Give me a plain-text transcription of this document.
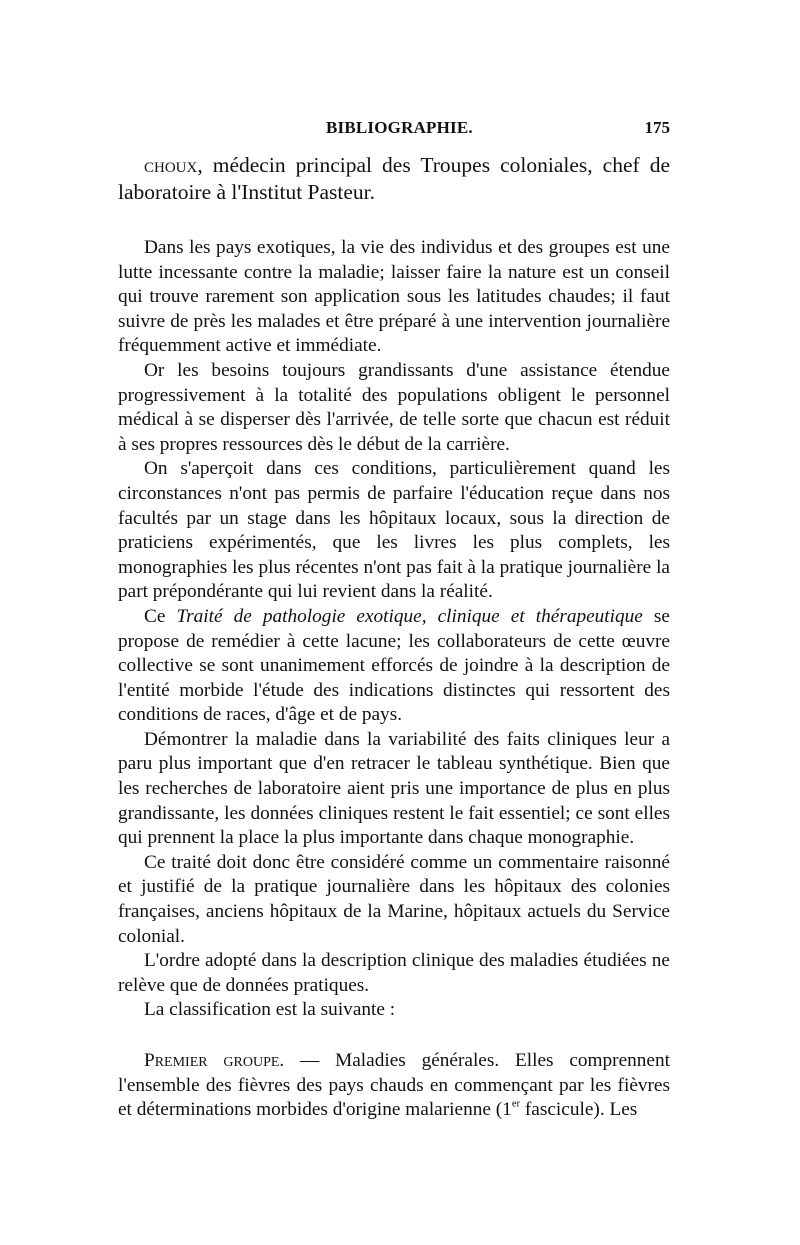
BIBLIOGRAPHIE.	175

choux, médecin principal des Troupes coloniales, chef de laboratoire à l'Institut Pasteur.

Dans les pays exotiques, la vie des individus et des groupes est une lutte incessante contre la maladie; laisser faire la nature est un conseil qui trouve rarement son application sous les latitudes chaudes; il faut suivre de près les malades et être préparé à une intervention journalière fréquemment active et immédiate.

Or les besoins toujours grandissants d'une assistance étendue progressivement à la totalité des populations obligent le personnel médical à se disperser dès l'arrivée, de telle sorte que chacun est réduit à ses propres ressources dès le début de la carrière.

On s'aperçoit dans ces conditions, particulièrement quand les circonstances n'ont pas permis de parfaire l'éducation reçue dans nos facultés par un stage dans les hôpitaux locaux, sous la direction de praticiens expérimentés, que les livres les plus complets, les monographies les plus récentes n'ont pas fait à la pratique journalière la part prépondérante qui lui revient dans la réalité.

Ce Traité de pathologie exotique, clinique et thérapeutique se propose de remédier à cette lacune; les collaborateurs de cette œuvre collective se sont unanimement efforcés de joindre à la description de l'entité morbide l'étude des indications distinctes qui ressortent des conditions de races, d'âge et de pays.

Démontrer la maladie dans la variabilité des faits cliniques leur a paru plus important que d'en retracer le tableau synthétique. Bien que les recherches de laboratoire aient pris une importance de plus en plus grandissante, les données cliniques restent le fait essentiel; ce sont elles qui prennent la place la plus importante dans chaque monographie.

Ce traité doit donc être considéré comme un commentaire raisonné et justifié de la pratique journalière dans les hôpitaux des colonies françaises, anciens hôpitaux de la Marine, hôpitaux actuels du Service colonial.

L'ordre adopté dans la description clinique des maladies étudiées ne relève que de données pratiques.

La classification est la suivante :

Premier groupe. — Maladies générales. Elles comprennent l'ensemble des fièvres des pays chauds en commençant par les fièvres et déterminations morbides d'origine malarienne (1er fascicule). Les
